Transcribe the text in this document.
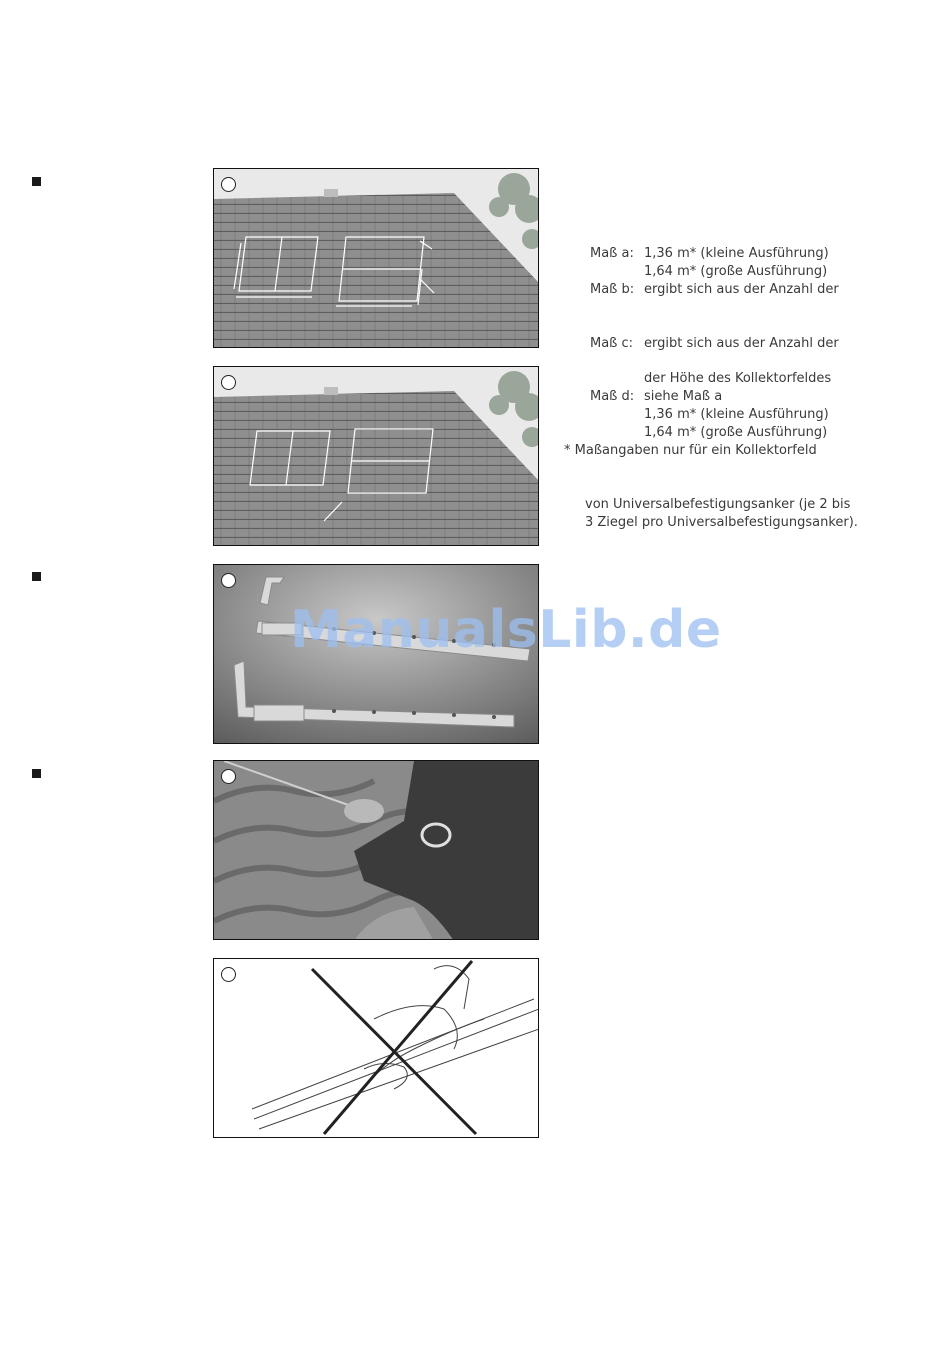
Maß a: 1,36 m* (kleine Ausführung)
1,64 m* (große Ausführung)
Maß b: ergibt sich aus der Anzahl der
Maß c: ergibt sich aus der Anzahl der
der Höhe des Kollektorfeldes
Maß d: siehe Maß a
1,36 m* (kleine Ausführung)
1,64 m* (große Ausführung)
* Maßangaben nur für ein Kollektorfeld
von Universalbefestigungsanker (je 2 bis
3 Ziegel pro Universalbefestigungsanker).
ManualsLib.de
